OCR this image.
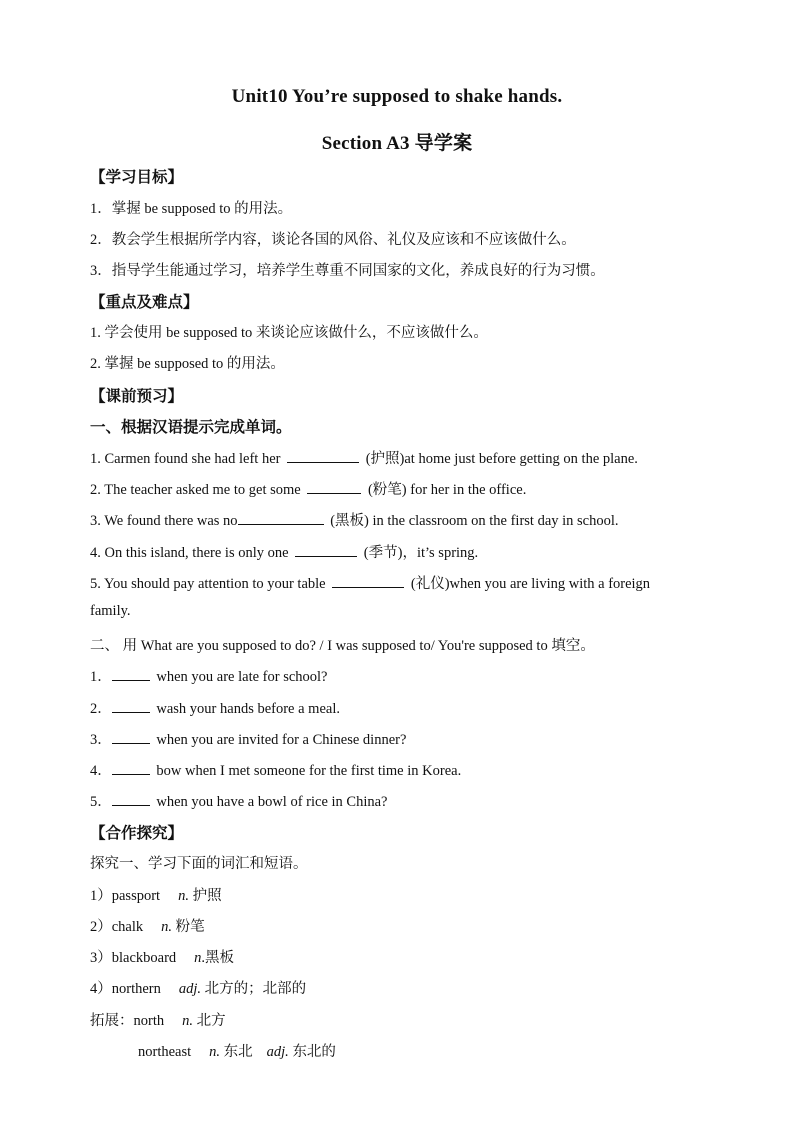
Unit10 You’re supposed to shake hands.
Section A3 导学案
【学习目标】
1．掌握 be supposed to 的用法。
2．教会学生根据所学内容，谈论各国的风俗、礼仪及应该和不应该做什么。
3．指导学生能通过学习，培养学生尊重不同国家的文化，养成良好的行为习惯。
【重点及难点】
1. 学会使用 be supposed to 来谈论应该做什么，不应该做什么。
2. 掌握 be supposed to 的用法。
【课前预习】
一、根据汉语提示完成单词。
1. Carmen found she had left her	(护照)at home just before getting on the plane.
2. The teacher asked me to get some	(粉笔) for her in the office.
3. We found there was no	(黑板) in the classroom on the first day in school.
4. On this island, there is only one	(季节)，it’s spring.
5. You should pay attention to your table	(礼仪)when you are living with a foreign
family.
二、 用 What are you supposed to do? / I was supposed to/ You're supposed to 填空。
1．	when you are late for school?
2．	wash your hands before a meal.
3．	when you are invited for a Chinese dinner?
4．	bow when I met someone for the first time in Korea.
5．	when you have a bowl of rice in China?
【合作探究】
探究一、学习下面的词汇和短语。
1）passport n. 护照
2）chalk n. 粉笔
3）blackboard n.黑板
4）northern adj. 北方的；北部的
拓展：north n. 北方
northeast n. 东北 adj. 东北的
